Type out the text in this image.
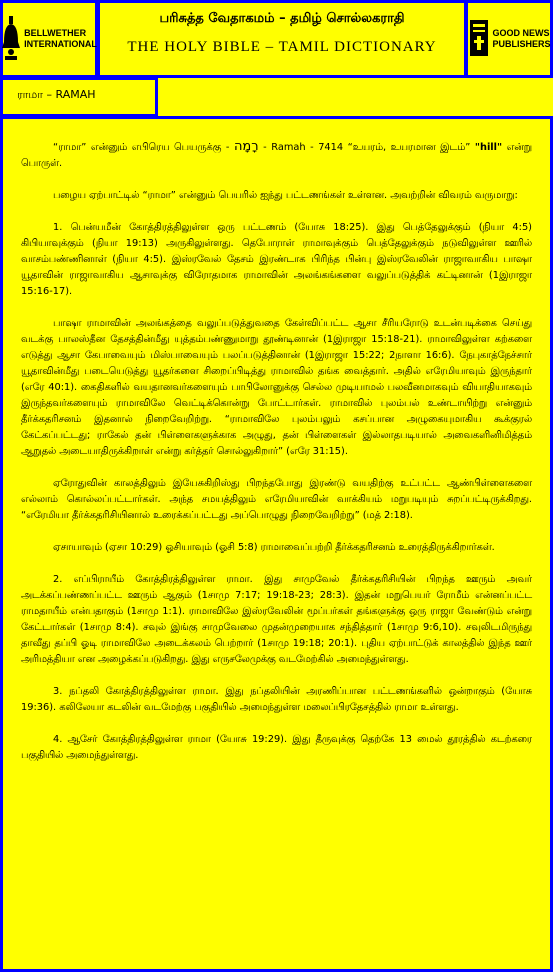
BELLWETHER
INTERNATIONAL
பரிசுத்த வேதாகமம் – தமிழ் சொல்லகராதி
THE HOLY BIBLE – TAMIL DICTIONARY
GOOD NEWS
PUBLISHERS
ராமா – RAMAH

“ராமா” என்னும் எபிரெய பெயருக்கு - רָמָה - Ramah - 7414 “உயரம், உயரமான இடம்” "hill" என்று பொருள்.

பழைய ஏற்பாட்டில் “ராமா” என்னும் பெயரில் ஐந்து பட்டணங்கள் உள்ளன. அவற்றின் விவரம் வருமாறு:

1. பென்யமீன் கோத்திரத்திலுள்ள ஒரு பட்டணம் (யோசு 18:25). இது பெத்தேலுக்கும் (நியா 4:5) கிபியாவுக்கும் (நியா 19:13) அருகிலுள்ளது. தெபோராள் ராமாவுக்கும் பெத்தேலுக்கும் நடுவிலுள்ள ஊரில் வாசம்பண்ணினாள் (நியா 4:5). இஸ்ரவேல் தேசம் இரண்டாக பிரிந்த பின்பு இஸ்ரவேலின் ராஜாவாகிய பாஷா யூதாவின் ராஜாவாகிய ஆசாவுக்கு விரோதமாக ராமாவின் அலங்கங்களை வலுப்படுத்திக் கட்டினான் (1இராஜா 15:16-17).

பாஷா ராமாவின் அலங்கத்தை வலுப்படுத்துவதை கேள்விப்பட்ட ஆசா சீரியரோடு உடன்படிக்கை செய்து வடக்கு பாலஸ்தீன தேசத்தின்மீது யுத்தம்பண்ணுமாறு தூண்டினான் (1இராஜா 15:18-21). ராமாவிலுள்ள கற்களை எடுத்து ஆசா கேபாவையும் மிஸ்பாவையும் பலப்படுத்தினான் (1இராஜா 15:22; 2நாளா 16:6). நேபுகாத்நேச்சார் யூதாவின்மீது படையெடுத்து யூதர்களை சிறைப்பிடித்து ராமாவில் தங்க வைத்தார். அதில் எரேமியாவும் இருந்தார் (எரே 40:1). கைதிகளில் வயதானவர்களையும் பாபிலோனுக்கு செல்ல முடியாமல் பலவீனமாகவும் வியாதியாகவும் இருந்தவர்களையும் ராமாவிலே வெட்டிக்கொன்று போட்டார்கள். ராமாவில் புலம்பல் உண்டாயிற்று என்னும் தீர்க்கதரிசனம் இதனால் நிறைவேறிற்று. “ராமாவிலே புலம்பலும் கசப்பான அழுகையுமாகிய கூக்குரல் கேட்கப்பட்டது; ராகேல் தன் பிள்ளைகளுக்காக அழுது, தன் பிள்ளைகள் இல்லாதபடியால் அவைகளினிமித்தம் ஆறுதல் அடையாதிருக்கிறாள் என்று கர்த்தர் சொல்லுகிறார்” (எரே 31:15).

ஏரோதுவின் காலத்திலும் இயேசுகிறிஸ்து பிறந்தபோது இரண்டு வயதிற்கு உட்பட்ட ஆண்பிள்ளைகளை எல்லாம் கொல்லப்பட்டார்கள். அந்த சமயத்திலும் எரேமியாவின் வாக்கியம் மறுபடியும் சுறப்பட்டிருக்கிறது. “எரேமியா தீர்க்கதரிசியினால் உரைக்கப்பட்டது அப்பொழுது நிறைவேறிற்று” (மத் 2:18).

ஏசாயாவும் (ஏசா 10:29) ஓசியாவும் (ஓசி 5:8) ராமாவைப்பற்றி தீர்க்கதரிசனம் உரைத்திருக்கிறார்கள்.

2. எப்பிராயீம் கோத்திரத்திலுள்ள ராமா. இது சாமுவேல் தீர்க்கதரிசியின் பிறந்த ஊரும் அவர் அடக்கப்பண்ணப்பட்ட ஊரும் ஆகும் (1சாமு 7:17; 19:18-23; 28:3). இதன் மறுபெயர் ரோமீம் என்னப்பட்ட ராமதாயீம் என்பதாகும் (1சாமு 1:1). ராமாவிலே இஸ்ரவேலின் மூப்பர்கள் தங்களுக்கு ஒரு ராஜா வேண்டும் என்று கேட்டார்கள் (1சாமு 8:4). சவுல் இங்கு சாமுவேலை முதன்முறையாக சந்தித்தார் (1சாமு 9:6,10). சவுலிடமிருந்து தாவீது தப்பி ஓடி ராமாவிலே அடைக்கலம் பெற்றார் (1சாமு 19:18; 20:1). புதிய ஏற்பாட்டுக் காலத்தில் இந்த ஊர் அரிமத்தியா என அழைக்கப்படுகிறது. இது எருசலேமுக்கு வடமேற்கில் அமைந்துள்ளது.

3. நப்தலி கோத்திரத்திலுள்ள ராமா. இது நப்தலியின் அரணிப்பான பட்டணங்களில் ஒன்றாகும் (யோசு 19:36). கலிலேயா கடலின் வடமேற்கு பகுதியில் அமைந்துள்ள மலைப்பிரதேசத்தில் ராமா உள்ளது.

4. ஆசேர் கோத்திரத்திலுள்ள ராமா (யோசு 19:29). இது தீருவுக்கு தெற்கே 13 மைல் தூரத்தில் கடற்கரை பகுதியில் அமைந்துள்ளது.
